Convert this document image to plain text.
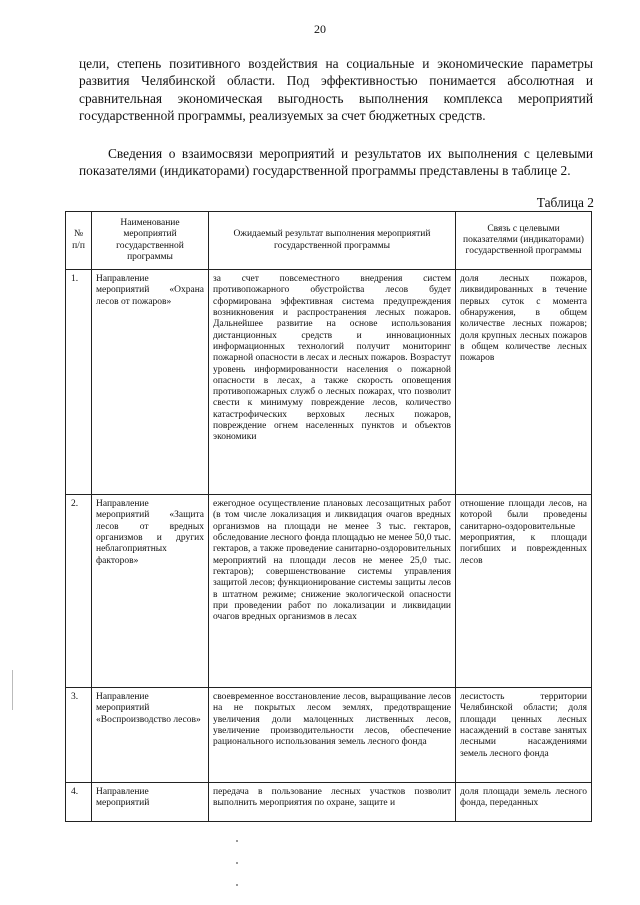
20

цели, степень позитивного воздействия на социальные и экономические параметры развития Челябинской области. Под эффективностью понимается абсолютная и сравнительная экономическая выгодность выполнения комплекса мероприятий государственной программы, реализуемых за счет бюджетных средств.

Сведения о взаимосвязи мероприятий и результатов их выполнения с целевыми показателями (индикаторами) государственной программы представлены в таблице 2.

Таблица 2
№ п/п	Наименование мероприятий государственной программы	Ожидаемый результат выполнения мероприятий государственной программы	Связь с целевыми показателями (индикаторами) государственной программы
1.	Направление мероприятий «Охрана лесов от пожаров»	за счет повсеместного внедрения систем противопожарного обустройства лесов будет сформирована эффективная система предупреждения возникновения и распространения лесных пожаров. Дальнейшее развитие на основе использования дистанционных средств и инновационных информационных технологий получит мониторинг пожарной опасности в лесах и лесных пожаров. Возрастут уровень информированности населения о пожарной опасности в лесах, а также скорость оповещения противопожарных служб о лесных пожарах, что позволит свести к минимуму повреждение лесов, количество катастрофических верховых лесных пожаров, повреждение огнем населенных пунктов и объектов экономики	доля лесных пожаров, ликвидированных в течение первых суток с момента обнаружения, в общем количестве лесных пожаров; доля крупных лесных пожаров в общем количестве лесных пожаров
2.	Направление мероприятий «Защита лесов от вредных организмов и других неблагоприятных факторов»	ежегодное осуществление плановых лесозащитных работ (в том числе локализация и ликвидация очагов вредных организмов на площади не менее 3 тыс. гектаров, обследование лесного фонда площадью не менее 50,0 тыс. гектаров, а также проведение санитарно-оздоровительных мероприятий на площади лесов не менее 25,0 тыс. гектаров); совершенствование системы управления защитой лесов; функционирование системы защиты лесов в штатном режиме; снижение экологической опасности при проведении работ по локализации и ликвидации очагов вредных организмов в лесах	отношение площади лесов, на которой были проведены санитарно-оздоровительные мероприятия, к площади погибших и поврежденных лесов
3.	Направление мероприятий «Воспроизводство лесов»	своевременное восстановление лесов, выращивание лесов на не покрытых лесом землях, предотвращение увеличения доли малоценных лиственных лесов, увеличение производительности лесов, обеспечение рационального использования земель лесного фонда	лесистость территории Челябинской области; доля площади ценных лесных насаждений в составе занятых лесными насаждениями земель лесного фонда
4.	Направление мероприятий	передача в пользование лесных участков позволит выполнить мероприятия по охране, защите и	доля площади земель лесного фонда, переданных
